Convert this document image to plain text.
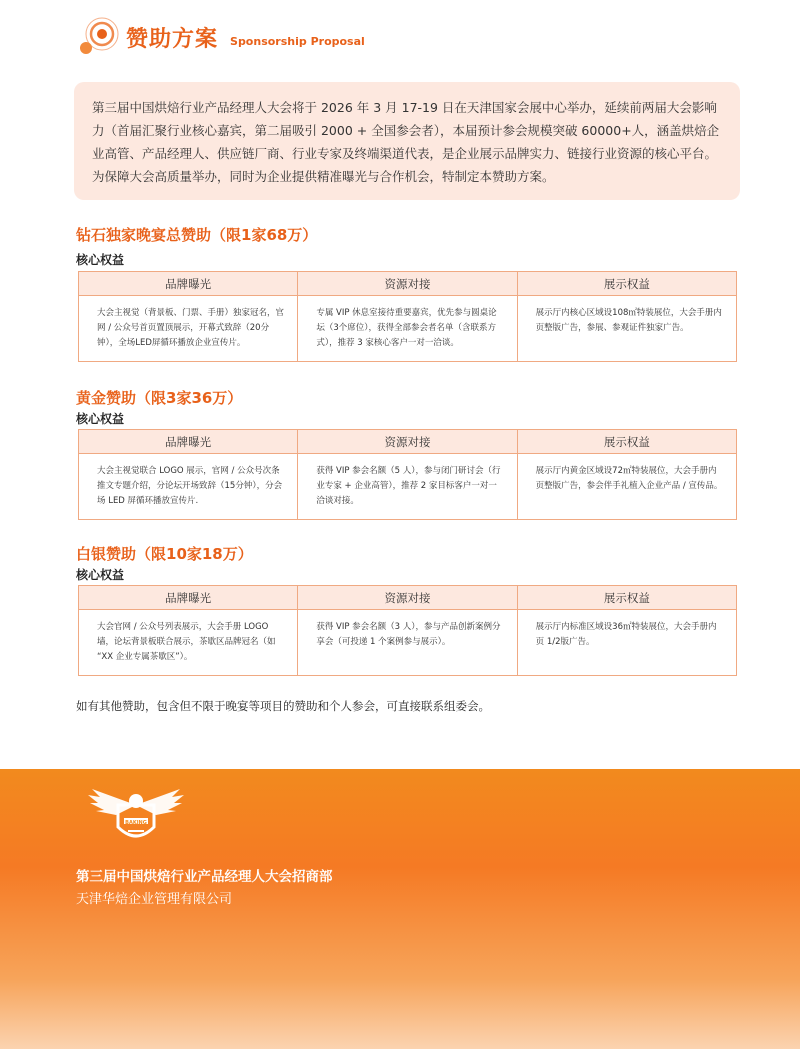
赞助方案 Sponsorship Proposal

第三届中国烘焙行业产品经理人大会将于 2026 年 3 月 17-19 日在天津国家会展中心举办，延续前两届大会影响力（首届汇聚行业核心嘉宾，第二届吸引 2000 + 全国参会者），本届预计参会规模突破 60000+人，涵盖烘焙企业高管、产品经理人、供应链厂商、行业专家及终端渠道代表，是企业展示品牌实力、链接行业资源的核心平台。为保障大会高质量举办，同时为企业提供精准曝光与合作机会，特制定本赞助方案。

钻石独家晚宴总赞助（限1家68万）
核心权益
品牌曝光	资源对接	展示权益
大会主视觉（背景板、门票、手册）独家冠名，官网 / 公众号首页置顶展示，开幕式致辞（20分钟），全场LED屏循环播放企业宣传片。	专属 VIP 休息室接待重要嘉宾，优先参与圆桌论坛（3个席位），获得全部参会者名单（含联系方式），推荐 3 家核心客户一对一洽谈。	展示厅内核心区域设108㎡特装展位，大会手册内页整版广告，参展、参观证件独家广告。
黄金赞助（限3家36万）
核心权益
品牌曝光	资源对接	展示权益
大会主视觉联合 LOGO 展示，官网 / 公众号次条推文专题介绍，分论坛开场致辞（15分钟），分会场 LED 屏循环播放宣传片.	获得 VIP 参会名额（5 人），参与闭门研讨会（行业专家 + 企业高管），推荐 2 家目标客户一对一洽谈对接。	展示厅内黄金区域设72㎡特装展位，大会手册内页整版广告，参会伴手礼植入企业产品 / 宣传品。
白银赞助（限10家18万）
核心权益
品牌曝光	资源对接	展示权益
大会官网 / 公众号列表展示，大会手册 LOGO 墙，论坛背景板联合展示，茶歇区品牌冠名（如 “XX 企业专属茶歇区”）。	获得 VIP 参会名额（3 人），参与产品创新案例分享会（可投递 1 个案例参与展示）。	展示厅内标准区域设36㎡特装展位，大会手册内页 1/2版广告。
如有其他赞助，包含但不限于晚宴等项目的赞助和个人参会，可直接联系组委会。
BAKING
第三届中国烘焙行业产品经理人大会招商部
天津华焙企业管理有限公司
